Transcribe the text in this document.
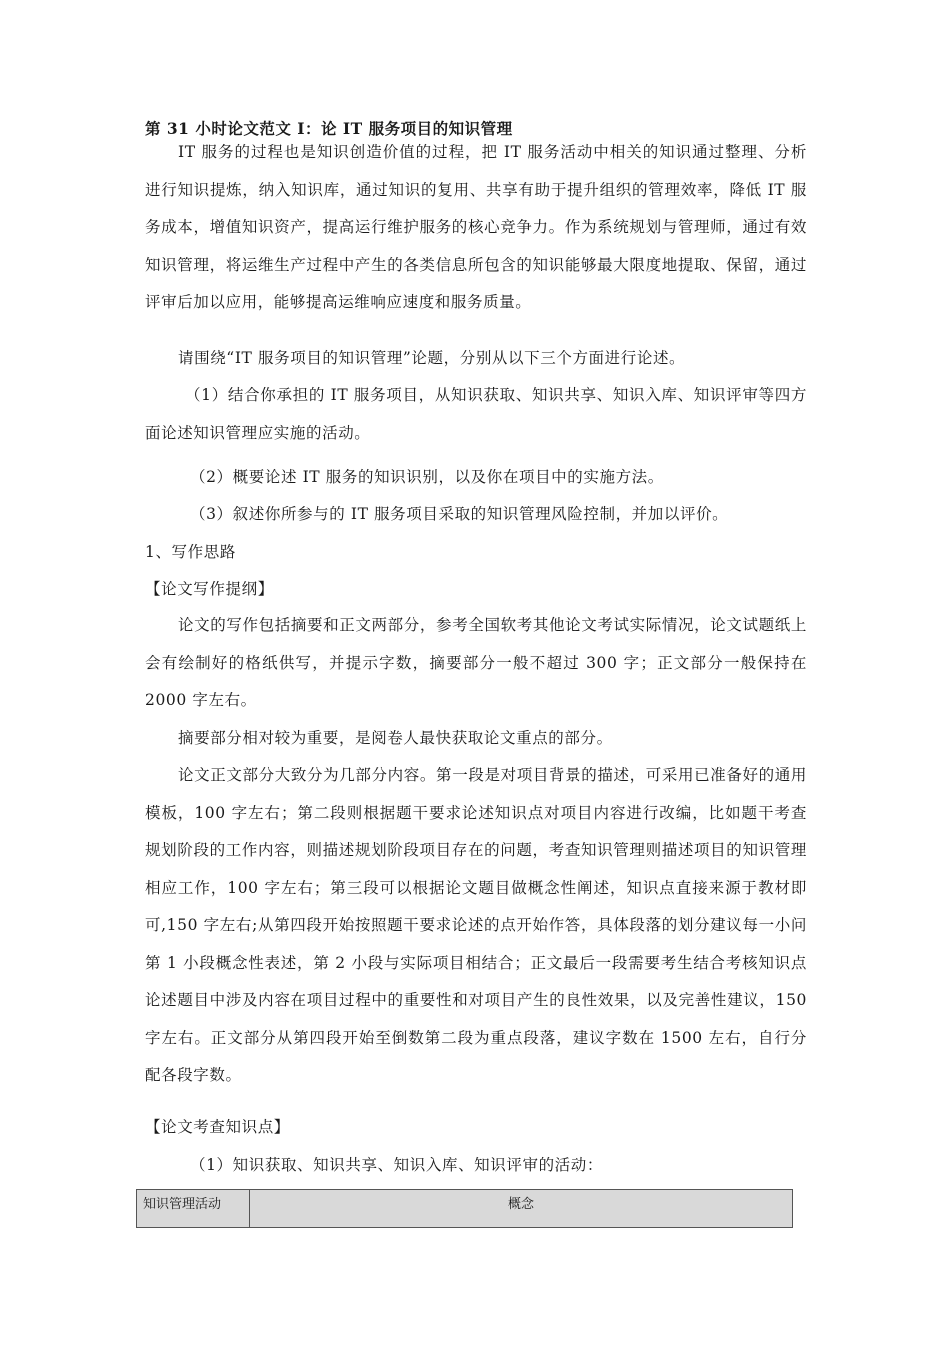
第 31 小时论文范文 I：论 IT 服务项目的知识管理

IT 服务的过程也是知识创造价值的过程，把 IT 服务活动中相关的知识通过整理、分析进行知识提炼，纳入知识库，通过知识的复用、共享有助于提升组织的管理效率，降低 IT 服务成本，增值知识资产，提高运行维护服务的核心竞争力。作为系统规划与管理师，通过有效知识管理，将运维生产过程中产生的各类信息所包含的知识能够最大限度地提取、保留，通过评审后加以应用，能够提高运维响应速度和服务质量。

请围绕“IT 服务项目的知识管理”论题，分别从以下三个方面进行论述。

（1）结合你承担的 IT 服务项目，从知识获取、知识共享、知识入库、知识评审等四方面论述知识管理应实施的活动。

（2）概要论述 IT 服务的知识识别，以及你在项目中的实施方法。
（3）叙述你所参与的 IT 服务项目采取的知识管理风险控制，并加以评价。
1、写作思路
【论文写作提纲】

论文的写作包括摘要和正文两部分，参考全国软考其他论文考试实际情况，论文试题纸上会有绘制好的格纸供写，并提示字数，摘要部分一般不超过 300 字；正文部分一般保持在 2000 字左右。

摘要部分相对较为重要，是阅卷人最快获取论文重点的部分。

论文正文部分大致分为几部分内容。第一段是对项目背景的描述，可采用已准备好的通用模板，100 字左右；第二段则根据题干要求论述知识点对项目内容进行改编，比如题干考查规划阶段的工作内容，则描述规划阶段项目存在的问题，考查知识管理则描述项目的知识管理相应工作，100 字左右；第三段可以根据论文题目做概念性阐述，知识点直接来源于教材即可,150 字左右;从第四段开始按照题干要求论述的点开始作答，具体段落的划分建议每一小问第 1 小段概念性表述，第 2 小段与实际项目相结合；正文最后一段需要考生结合考核知识点论述题目中涉及内容在项目过程中的重要性和对项目产生的良性效果，以及完善性建议，150 字左右。正文部分从第四段开始至倒数第二段为重点段落，建议字数在 1500 左右，自行分配各段字数。

【论文考查知识点】
（1）知识获取、知识共享、知识入库、知识评审的活动：
知识管理活动	概念
